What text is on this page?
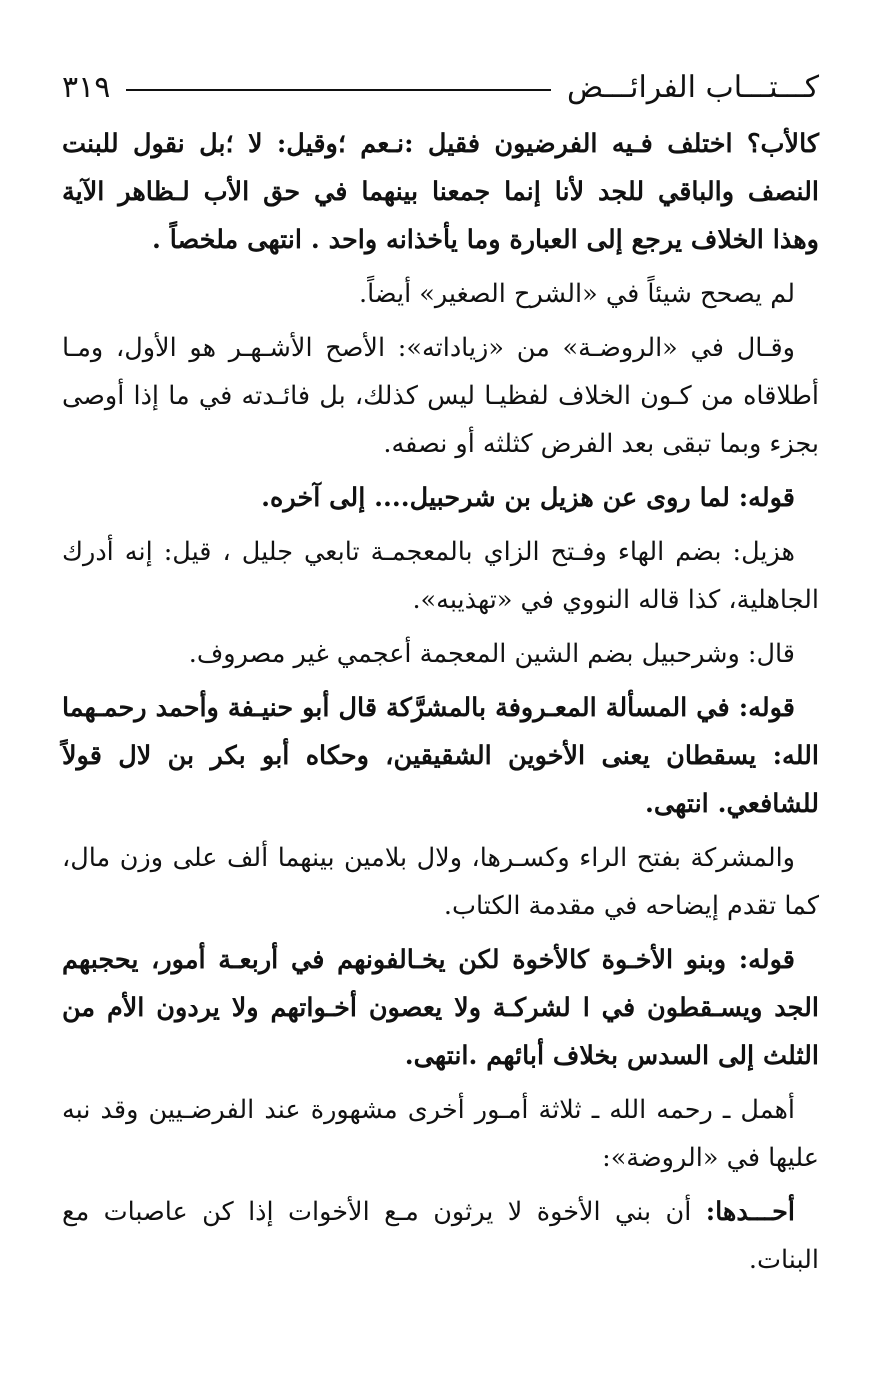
كـــتـــاب الفرائـــض
٣١٩

كالأب؟ اختلف فـيه الفرضيون فقيل :نـعم ؛وقيل: لا ؛بل نقول للبنت النصف والباقي للجد لأنا إنما جمعنا بينهما في حق الأب لـظاهر الآية وهذا الخلاف يرجع إلى العبارة وما يأخذانه واحد . انتهى ملخصاً .

لم يصحح شيئاً في «الشرح الصغير» أيضاً.

وقـال في «الروضـة» من «زياداته»: الأصح الأشـهـر هو الأول، ومـا أطلاقاه من كـون الخلاف لفظيـا ليس كذلك، بل فائـدته في ما إذا أوصى بجزء وبما تبقى بعد الفرض كثلثه أو نصفه.

قوله: لما روى عن هزيل بن شرحبيل.... إلى آخره.

هزيل: بضم الهاء وفـتح الزاي بالمعجمـة تابعي جليل ، قيل: إنه أدرك الجاهلية، كذا قاله النووي في «تهذيبه».

قال: وشرحبيل بضم الشين المعجمة أعجمي غير مصروف.

قوله: في المسألة المعـروفة بالمشرَّكة قال أبو حنيـفة وأحمد رحمـهما الله: يسقطان يعنى الأخوين الشقيقين، وحكاه أبو بكر بن لال قولاً للشافعي. انتهى.

والمشركة بفتح الراء وكسـرها، ولال بلامين بينهما ألف على وزن مال، كما تقدم إيضاحه في مقدمة الكتاب.

قوله: وبنو الأخـوة كالأخوة لكن يخـالفونهم في أربعـة أمور، يحجبهم الجد ويسـقطون في ا لشركـة ولا يعصون أخـواتهم ولا يردون الأم من الثلث إلى السدس بخلاف أبائهم .انتهى.

أهمل ـ رحمه الله ـ ثلاثة أمـور أخرى مشهورة عند الفرضـيين وقد نبه عليها في «الروضة»:

أحـــدها: أن بني الأخوة لا يرثون مـع الأخوات إذا كن عاصبات مع البنات.
